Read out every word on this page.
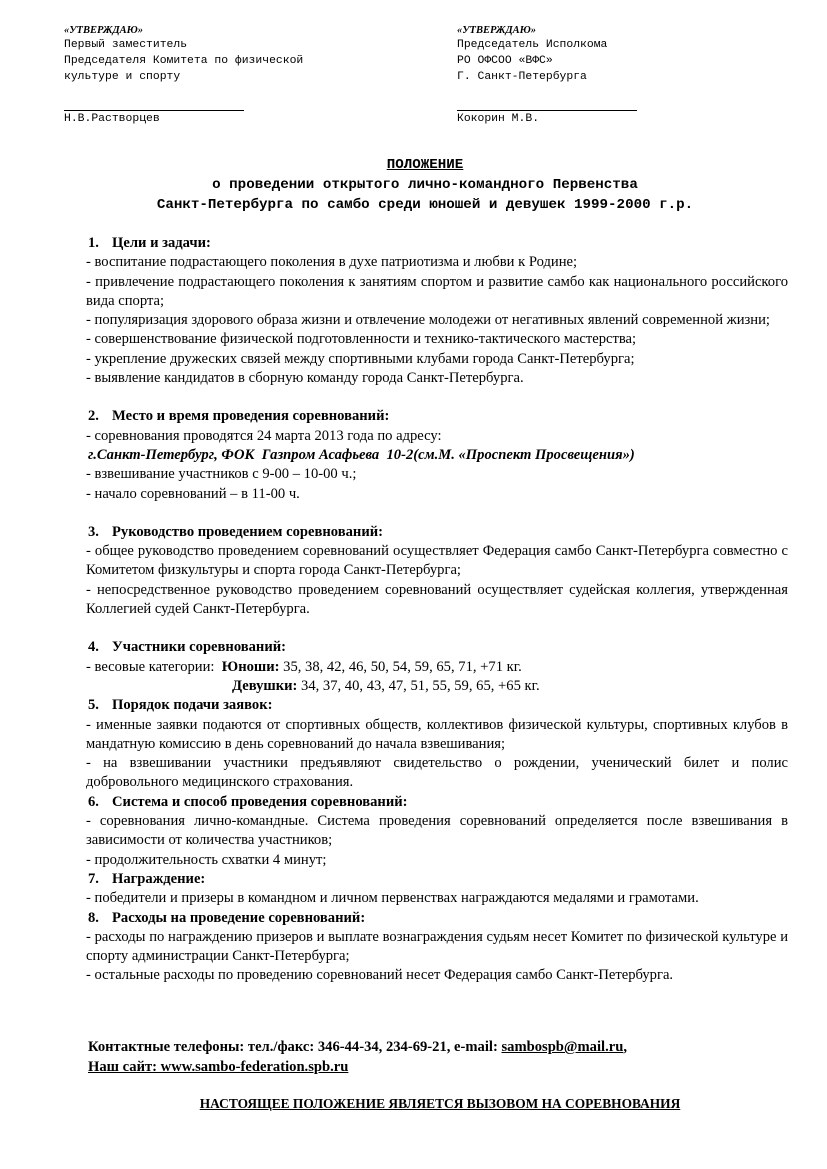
«УТВЕРЖДАЮ»
Первый заместитель
Председателя Комитета по физической
культуре и спорту
Н.В.Растворцев
«УТВЕРЖДАЮ»
Председатель Исполкома
РО ОФСОО «ВФС»
Г. Санкт-Петербурга
Кокорин М.В.
ПОЛОЖЕНИЕ
о проведении открытого лично-командного Первенства
Санкт-Петербурга по самбо среди юношей и девушек 1999-2000 г.р.
1. Цели и задачи:
- воспитание подрастающего поколения в духе патриотизма и любви к Родине;
- привлечение подрастающего поколения к занятиям спортом и развитие самбо как национального российского вида спорта;
- популяризация здорового образа жизни и отвлечение молодежи от негативных явлений современной жизни;
- совершенствование физической подготовленности и технико-тактического мастерства;
- укрепление дружеских связей между спортивными клубами города Санкт-Петербурга;
- выявление кандидатов в сборную команду города Санкт-Петербурга.
2. Место и время проведения соревнований:
- соревнования проводятся 24 марта 2013 года по адресу:
г.Санкт-Петербург, ФОК  Газпром Асафьева  10-2(см.М. «Проспект Просвещения»)
- взвешивание участников с 9-00 – 10-00 ч.;
- начало соревнований – в 11-00 ч.
3. Руководство проведением соревнований:
- общее руководство проведением соревнований осуществляет Федерация самбо Санкт-Петербурга совместно с Комитетом физкультуры и спорта города Санкт-Петербурга;
- непосредственное руководство проведением соревнований осуществляет судейская коллегия, утвержденная Коллегией судей Санкт-Петербурга.
4. Участники соревнований:
- весовые категории:  Юноши: 35, 38, 42, 46, 50, 54, 59, 65, 71, +71 кг.
Девушки: 34, 37, 40, 43, 47, 51, 55, 59, 65, +65 кг.
5. Порядок подачи заявок:
- именные заявки подаются от спортивных обществ, коллективов физической культуры, спортивных клубов в мандатную комиссию в день соревнований до начала взвешивания;
- на взвешивании участники предъявляют свидетельство о рождении, ученический билет и полис добровольного медицинского страхования.
6. Система и способ проведения соревнований:
- соревнования лично-командные. Система проведения соревнований определяется после взвешивания в зависимости от количества участников;
- продолжительность схватки 4 минут;
7. Награждение:
- победители и призеры в командном и личном первенствах награждаются медалями и грамотами.
8. Расходы на проведение соревнований:
- расходы по награждению призеров и выплате вознаграждения судьям несет Комитет по физической культуре и спорту администрации Санкт-Петербурга;
- остальные расходы по проведению соревнований несет Федерация самбо Санкт-Петербурга.
Контактные телефоны: тел./факс: 346-44-34, 234-69-21, e-mail: sambospb@mail.ru,
Наш сайт: www.sambo-federation.spb.ru
НАСТОЯЩЕЕ ПОЛОЖЕНИЕ ЯВЛЯЕТСЯ ВЫЗОВОМ НА СОРЕВНОВАНИЯ
